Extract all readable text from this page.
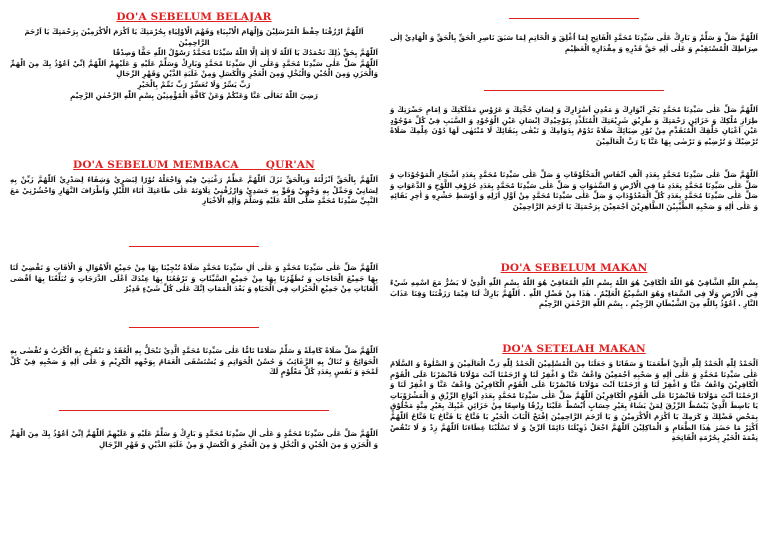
DO'A SEBELUM BELAJAR
اَللّٰهُمَّ ارْزُقْنَا حِفْظَ الْمُرْسَلِيْنَ وَإِلْهَامَ الْاَنْبِيَاءِ وَفَهْمَ الْاَوْلِيَاءِ بِحُرْمَتِكَ يَا اَكْرَمَ الْاَكْرَمِيْنَ بِرَحْمَتِكَ يَا اَرْحَمَ الرَّاحِمِيْنَ
اَللّٰهُمَّ بِحَقِّ ذٰلِكَ نَحْمَدُكَ يَا اَللّٰهُ لَا اِلٰهَ اِلَّا اللّٰهُ سَيِّدُنَا مُحَمَّدٌ رَسُوْلُ اللّٰهِ حَقًّا وَصِدْقًا
اَللّٰهُمَّ صَلِّ عَلٰى سَيِّدِنَا مُحَمَّدٍ وَعَلٰى اٰلِ سَيِّدِنَا مُحَمَّدٍ وَبَارِكْ وَسَلِّمْ عَلَيْهِ وَ عَلَيْهِمْ اَللّٰهُمَّ اِنِّيْ اَعُوْذُ بِكَ مِنَ الْهَمِّ وَالْحَزَنِ وَمِنَ الْجُبْنِ وَالْبُخْلِ وَمِنَ الْعَجْزِ وَالْكَسَلِ وَمِنْ غَلَبَةِ الدَّيْنِ وَقَهْرِ الرِّجَالِ
رَبِّ يَسِّرْ وَلَا تُعَسِّرْ رَبِّ تَمِّمْ بِالْخَيْرِ
رَضِيَ اللّٰهُ تَعَالٰى عَنَّا وَعَنْكُمْ وَعَنْ كَافَّةِ الْمُؤْمِنِيْنَ بِسْمِ اللّٰهِ الرَّحْمٰنِ الرَّحِيْمِ
DO'A SEBELUM MEMBACA       QUR'AN
اَللّٰهُمَّ بِالْحَقِّ اَنْزَلْتَهُ وَبِالْحَقِّ نَزَلَ اَللّٰهُمَّ عَظِّمْ رَغْبَتِيْ فِيْهِ وَاجْعَلْهُ نُوْرًا لِبَصَرِيْ وَشِفَاءً لِصَدْرِيْ اَللّٰهُمَّ زَيِّنْ بِهِ لِسَانِيْ وَجَمِّلْ بِهِ وَجْهِيْ وَقَوِّ بِهِ جَسَدِيْ وَارْزُقْنِيْ تِلَاوَتَهُ عَلٰى طَاعَتِكَ اٰنَاءَ اللَّيْلِ وَاَطْرَافَ النَّهَارِ وَاحْشُرْنِيْ مَعَ النَّبِيِّ سَيِّدِنَا مُحَمَّدٍ صَلَّى اللّٰهُ عَلَيْهِ وَسَلَّمَ وَاٰلِهِ الْاَخْيَارِ
اَللّٰهُمَّ صَلِّ عَلٰى سَيِّدِنَا مُحَمَّدٍ وَ عَلٰى اٰلِ سَيِّدِنَا مُحَمَّدٍ صَلَاةً تُنْجِيْنَا بِهَا مِنْ جَمِيْعِ الْاَهْوَالِ وَ الْاٰفَاتِ وَ تَقْضِيْ لَنَا بِهَا جَمِيْعَ الْحَاجَاتِ وَ تُطَهِّرُنَا بِهَا مِنْ جَمِيْعِ السَّيِّئَاتِ وَ تَرْفَعُنَا بِهَا عِنْدَكَ اَعْلَى الدَّرَجَاتِ وَ تُبَلِّغُنَا بِهَا اَقْصَى الْغَايَاتِ مِنْ جَمِيْعِ الْخَيْرَاتِ فِي الْحَيَاةِ وَ بَعْدَ الْمَمَاتِ اِنَّكَ عَلٰى كُلِّ شَيْءٍ قَدِيْرٌ
اَللّٰهُمَّ صَلِّ صَلَاةً كَامِلَةً وَ سَلِّمْ سَلَامًا تَامًّا عَلٰى سَيِّدِنَا مُحَمَّدٍ الَّذِيْ تَنْحَلُّ بِهِ الْعُقَدُ وَ تَنْفَرِجُ بِهِ الْكُرَبُ وَ تُقْضٰى بِهِ الْحَوَائِجُ وَ تُنَالُ بِهِ الرَّغَائِبُ وَ حُسْنُ الْخَوَاتِمِ وَ يُسْتَسْقَى الْغَمَامُ بِوَجْهِهِ الْكَرِيْمِ وَ عَلٰى اٰلِهِ وَ صَحْبِهِ فِيْ كُلِّ لَمْحَةٍ وَ نَفَسٍ بِعَدَدِ كُلِّ مَعْلُوْمٍ لَكَ
اَللّٰهُمَّ صَلِّ عَلٰى سَيِّدِنَا مُحَمَّدٍ وَ عَلٰى اٰلِ سَيِّدِنَا مُحَمَّدٍ وَ بَارِكْ وَ سَلِّمْ عَلَيْهِ وَ عَلَيْهِمْ اَللّٰهُمَّ اِنِّيْ اَعُوْذُ بِكَ مِنَ الْهَمِّ وَ الْحَزَنِ وَ مِنَ الْجُبْنِ وَ الْبُخْلِ وَ مِنَ الْعَجْزِ وَ الْكَسَلِ وَ مِنْ غَلَبَةِ الدَّيْنِ وَ قَهْرِ الرِّجَالِ
اَللّٰهُمَّ صَلِّ وَ سَلِّمْ وَ بَارِكْ عَلٰى سَيِّدِنَا مُحَمَّدٍ الْفَاتِحِ لِمَا اُغْلِقَ وَ الْخَاتِمِ لِمَا سَبَقَ نَاصِرِ الْحَقِّ بِالْحَقِّ وَ الْهَادِيْ اِلٰى صِرَاطِكَ الْمُسْتَقِيْمِ وَ عَلٰى اٰلِهِ حَقَّ قَدْرِهِ وَ مِقْدَارِهِ الْعَظِيْمِ
اَللّٰهُمَّ صَلِّ عَلٰى سَيِّدِنَا مُحَمَّدٍ بَحْرِ اَنْوَارِكَ وَ مَعْدِنِ اَسْرَارِكَ وَ لِسَانِ حُجَّتِكَ وَ عَرُوْسِ مَمْلَكَتِكَ وَ اِمَامِ حَضْرَتِكَ وَ طِرَازِ مُلْكِكَ وَ خَزَائِنِ رَحْمَتِكَ وَ طَرِيْقِ شَرِيْعَتِكَ الْمُتَلَذِّذِ بِتَوْحِيْدِكَ اِنْسَانِ عَيْنِ الْوُجُوْدِ وَ السَّبَبِ فِيْ كُلِّ مَوْجُوْدٍ عَيْنِ اَعْيَانِ خَلْقِكَ الْمُتَقَدِّمِ مِنْ نُوْرِ ضِيَائِكَ صَلَاةً تَدُوْمُ بِدَوَامِكَ وَ تَبْقٰى بِبَقَائِكَ لَا مُنْتَهٰى لَهَا دُوْنَ عِلْمِكَ صَلَاةً تُرْضِيْكَ وَ تُرْضِيْهِ وَ تَرْضٰى بِهَا عَنَّا يَا رَبَّ الْعَالَمِيْنَ
اَللّٰهُمَّ صَلِّ عَلٰى سَيِّدِنَا مُحَمَّدٍ بِعَدَدِ اَلْفِ اَنْفَاسِ الْمَخْلُوْقَاتِ وَ صَلِّ عَلٰى سَيِّدِنَا مُحَمَّدٍ بِعَدَدِ اَشْجَارِ الْمَوْجُوْدَاتِ وَ صَلِّ عَلٰى سَيِّدِنَا مُحَمَّدٍ بِعَدَدِ مَا فِي الْاَرْضِ وَ السَّمٰوَاتِ وَ صَلِّ عَلٰى سَيِّدِنَا مُحَمَّدٍ بِعَدَدِ حُرُوْفِ اللَّوْحِ وَ الدَّعَوَاتِ وَ صَلِّ عَلٰى سَيِّدِنَا مُحَمَّدٍ بِعَدَدِ كُلِّ الْمَعْدُوْدَاتِ وَ صَلِّ عَلٰى سَيِّدِنَا مُحَمَّدٍ مِنْ اَوَّلِ اَزَلِهِ وَ اَوْسَطِ حَشْرِهِ وَ اٰخِرِ بَقَائِهِ وَ عَلٰى اٰلِهِ وَ صَحْبِهِ الطَّيِّبِيْنَ الطَّاهِرِيْنَ اَجْمَعِيْنَ بِرَحْمَتِكَ يَا اَرْحَمَ الرَّاحِمِيْنَ
DO'A SEBELUM MAKAN
بِسْمِ اللّٰهِ الشَّافِيْ هُوَ اللّٰهُ الْكَافِيْ هُوَ اللّٰهُ بِسْمِ اللّٰهِ الْمُعَافِيْ هُوَ اللّٰهُ بِسْمِ اللّٰهِ الَّذِيْ لَا يَضُرُّ مَعَ اسْمِهِ شَيْءٌ فِي الْاَرْضِ وَلَا فِي السَّمَاءِ وَهُوَ السَّمِيْعُ الْعَلِيْمُ . هٰذَا مِنْ فَضْلِ اللّٰهِ . اَللّٰهُمَّ بَارِكْ لَنَا فِيْمَا رَزَقْتَنَا وَقِنَا عَذَابَ النَّارِ . اَعُوْذُ بِاللّٰهِ مِنَ الشَّيْطَانِ الرَّجِيْمِ . بِسْمِ اللّٰهِ الرَّحْمٰنِ الرَّحِيْمِ
DO'A SETELAH MAKAN
اَلْحَمْدُ لِلّٰهِ الْحَمْدُ لِلّٰهِ الَّذِيْ اَطْعَمَنَا وَ سَقَانَا وَ جَعَلَنَا مِنَ الْمُسْلِمِيْنَ اَلْحَمْدُ لِلّٰهِ رَبِّ الْعَالَمِيْنَ وَ الصَّلٰوةُ وَ السَّلَامُ عَلٰى سَيِّدِنَا مُحَمَّدٍ وَ عَلٰى اٰلِهِ وَ صَحْبِهِ اَجْمَعِيْنَ وَاعْفُ عَنَّا وَ اغْفِرْ لَنَا وَ ارْحَمْنَا اَنْتَ مَوْلَانَا فَانْصُرْنَا عَلَى الْقَوْمِ الْكَافِرِيْنَ وَاعْفُ عَنَّا وَ اغْفِرْ لَنَا وَ ارْحَمْنَا اَنْتَ مَوْلَانَا فَانْصُرْنَا عَلَى الْقَوْمِ الْكَافِرِيْنَ وَاعْفُ عَنَّا وَ اغْفِرْ لَنَا وَ ارْحَمْنَا اَنْتَ مَوْلَانَا فَانْصُرْنَا عَلَى الْقَوْمِ الْكَافِرِيْنَ اَللّٰهُمَّ صَلِّ عَلٰى سَيِّدِنَا مُحَمَّدٍ بِعَدَدِ اَنْوَاعِ الرِّزْقِ وَ الْمَشْرُوْبَاتِ يَا بَاسِطَ الَّذِيْ يَبْسُطُ الرِّزْقَ لِمَنْ يَشَاءُ بِغَيْرِ حِسَابٍ اُبْسُطْ عَلَيْنَا رِزْقًا وَاسِعًا مِنْ خَزَائِنِ غَيْبِكَ بِغَيْرِ مِنَّةٍ مَخْلُوْقٍ بِمَحْضِ فَضْلِكَ وَ كَرَمِكَ يَا اَكْرَمَ الْاَكْرَمِيْنَ وَ يَا اَرْحَمَ الرَّاحِمِيْنَ اِفْتَحْ اَلْبَابَ الْخَيْرِ يَا فَتَّاحُ يَا فَتَّاحُ يَا فَتَّاحُ اَللّٰهُمَّ اَكْثِرْ مَا حَضَرَ هٰذَا الطَّعَامِ وَ الْمَاكِلِيْنَ اَللّٰهُمَّ اجْعَلْ ذَوِيْلَنَا دَائِمًا اَلرِّيْ وَ لَا تَسْلُبْنَا غِطَاءَنَا اَللّٰهُمَّ زِدْ وَ لَا تَنْقُصْ نِعْمَةَ الْخَيْرِ بِحُرْمَةِ الْفَاتِحَةِ
